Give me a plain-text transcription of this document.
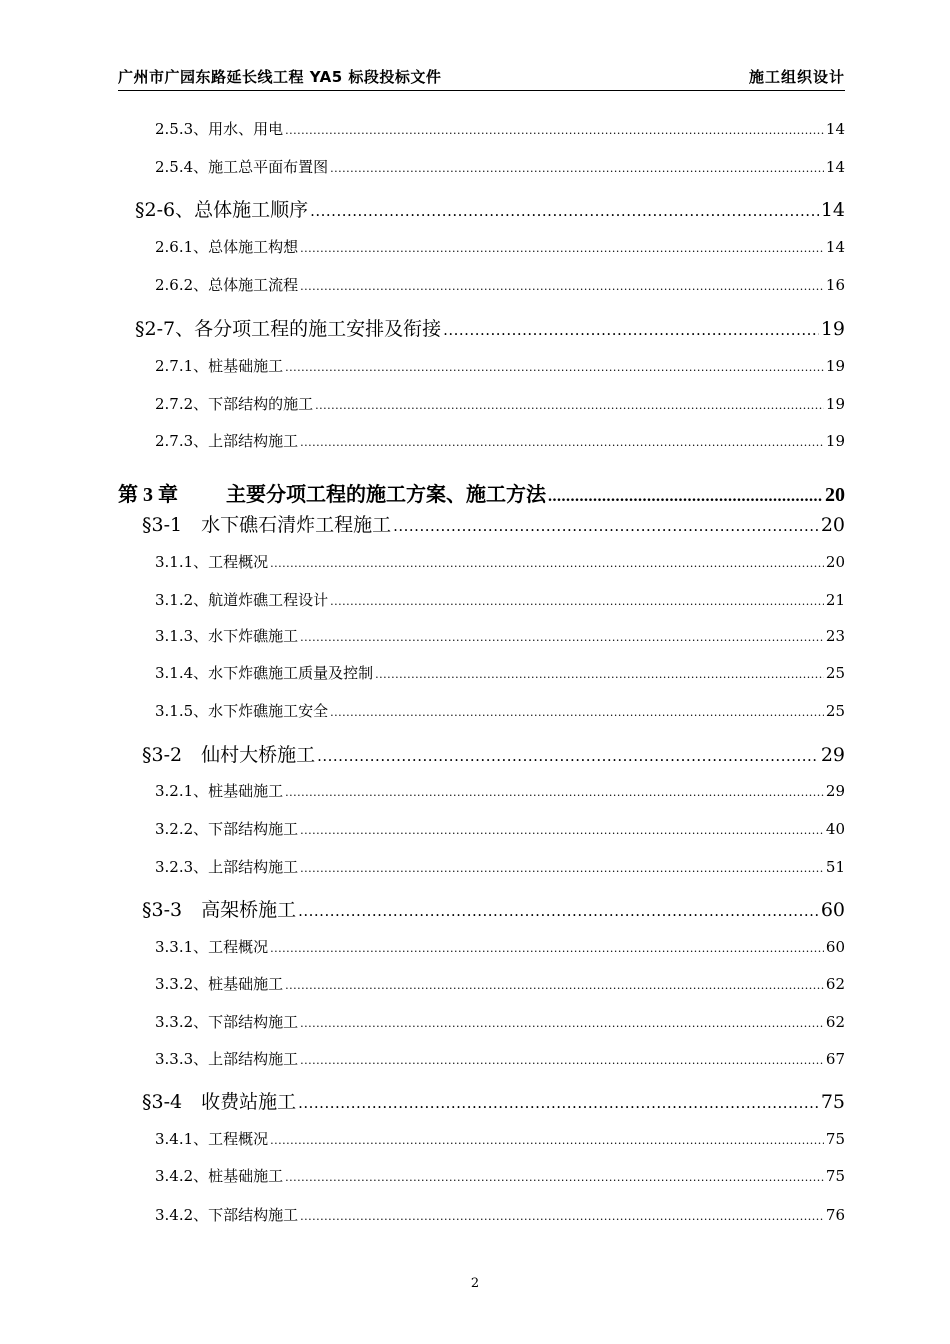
广州市广园东路延长线工程 YA5 标段投标文件	施工组织设计
2.5.3、用水、用电 .....	14
2.5.4、施工总平面布置图 .....	14
§2-6、总体施工顺序 .....	14
2.6.1、总体施工构想 .....	14
2.6.2、总体施工流程 .....	16
§2-7、各分项工程的施工安排及衔接 .....	19
2.7.1、桩基础施工 .....	19
2.7.2、下部结构的施工 .....	19
2.7.3、上部结构施工 .....	19
第 3 章 主要分项工程的施工方案、施工方法 .....	20
§3-1　水下礁石清炸工程施工 .....	20
3.1.1、工程概况 .....	20
3.1.2、航道炸礁工程设计 .....	21
3.1.3、水下炸礁施工 .....	23
3.1.4、水下炸礁施工质量及控制 .....	25
3.1.5、水下炸礁施工安全 .....	25
§3-2　仙村大桥施工 .....	29
3.2.1、桩基础施工 .....	29
3.2.2、下部结构施工 .....	40
3.2.3、上部结构施工 .....	51
§3-3　高架桥施工 .....	60
3.3.1、工程概况 .....	60
3.3.2、桩基础施工 .....	62
3.3.2、下部结构施工 .....	62
3.3.3、上部结构施工 .....	67
§3-4　收费站施工 .....	75
3.4.1、工程概况 .....	75
3.4.2、桩基础施工 .....	75
3.4.2、下部结构施工 .....	76
2
